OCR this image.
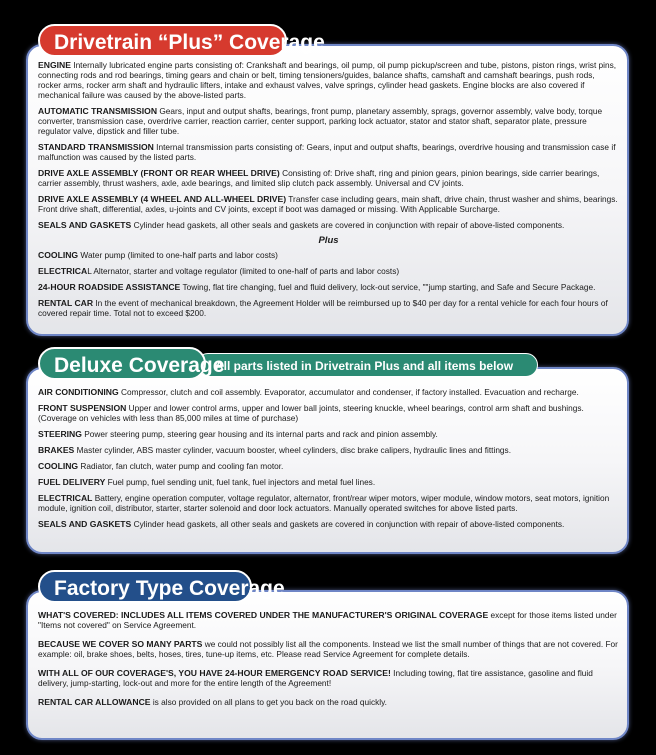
ENGINE Internally lubricated engine parts consisting of: Crankshaft and bearings, oil pump, oil pump pickup/screen and tube, pistons, piston rings, wrist pins, connecting rods and rod bearings, timing gears and chain or belt, timing tensioners/guides, balance shafts, camshaft and camshaft bearings, push rods, rocker arms, rocker arm shaft and hydraulic lifters, intake and exhaust valves, valve springs, cylinder head gaskets. Engine blocks are also covered if mechanical failure was caused by the above-listed parts.

AUTOMATIC TRANSMISSION Gears, input and output shafts, bearings, front pump, planetary assembly, sprags, governor assembly, valve body, torque converter, transmission case, overdrive carrier, reaction carrier, center support, parking lock actuator, stator and stator shaft, separator plate, pressure regulator valve, dipstick and filler tube.

STANDARD TRANSMISSION Internal transmission parts consisting of: Gears, input and output shafts, bearings, overdrive housing and transmission case if malfunction was caused by the listed parts.

DRIVE AXLE ASSEMBLY (FRONT OR REAR WHEEL DRIVE) Consisting of: Drive shaft, ring and pinion gears, pinion bearings, side carrier bearings, carrier assembly, thrust washers, axle, axle bearings, and limited slip clutch pack assembly. Universal and CV joints.

DRIVE AXLE ASSEMBLY (4 WHEEL AND ALL-WHEEL DRIVE) Transfer case including gears, main shaft, drive chain, thrust washer and shims, bearings. Front drive shaft, differential, axles, u-joints and CV joints, except if boot was damaged or missing. With Applicable Surcharge.

SEALS AND GASKETS Cylinder head gaskets, all other seals and gaskets are covered in conjunction with repair of above-listed components.

Plus

COOLING Water pump (limited to one-half parts and labor costs)

ELECTRICAL Alternator, starter and voltage regulator (limited to one-half of parts and labor costs)

24-HOUR ROADSIDE ASSISTANCE Towing, flat tire changing, fuel and fluid delivery, lock-out service, ""jump starting, and Safe and Secure Package.

RENTAL CAR In the event of mechanical breakdown, the Agreement Holder will be reimbursed up to $40 per day for a rental vehicle for each four hours of covered repair time. Total not to exceed $200.

Drivetrain “Plus” Coverage

AIR CONDITIONING Compressor, clutch and coil assembly. Evaporator, accumulator and condenser, if factory installed. Evacuation and recharge.

FRONT SUSPENSION Upper and lower control arms, upper and lower ball joints, steering knuckle, wheel bearings, control arm shaft and bushings. (Coverage on vehicles with less than 85,000 miles at time of purchase)

STEERING Power steering pump, steering gear housing and its internal parts and rack and pinion assembly.

BRAKES Master cylinder, ABS master cylinder, vacuum booster, wheel cylinders, disc brake calipers, hydraulic lines and fittings.

COOLING Radiator, fan clutch, water pump and cooling fan motor.

FUEL DELIVERY Fuel pump, fuel sending unit, fuel tank, fuel injectors and metal fuel lines.

ELECTRICAL Battery, engine operation computer, voltage regulator, alternator, front/rear wiper motors, wiper module, window motors, seat motors, ignition module, ignition coil, distributor, starter, starter solenoid and door lock actuators. Manually operated switches for above listed parts.

SEALS AND GASKETS Cylinder head gaskets, all other seals and gaskets are covered in conjunction with repair of above-listed components.

All parts listed in Drivetrain Plus and all items below
Deluxe Coverage

WHAT'S COVERED: INCLUDES ALL ITEMS COVERED UNDER THE MANUFACTURER'S ORIGINAL COVERAGE except for those items listed under "Items not covered" on Service Agreement.

BECAUSE WE COVER SO MANY PARTS we could not possibly list all the components. Instead we list the small number of things that are not covered. For example: oil, brake shoes, belts, hoses, tires, tune-up items, etc. Please read Service Agreement for complete details.

WITH ALL OF OUR COVERAGE'S, YOU HAVE 24-HOUR EMERGENCY ROAD SERVICE! Including towing, flat tire assistance, gasoline and fluid delivery, jump-starting, lock-out and more for the entire length of the Agreement!

RENTAL CAR ALLOWANCE is also provided on all plans to get you back on the road quickly.

Factory Type Coverage
